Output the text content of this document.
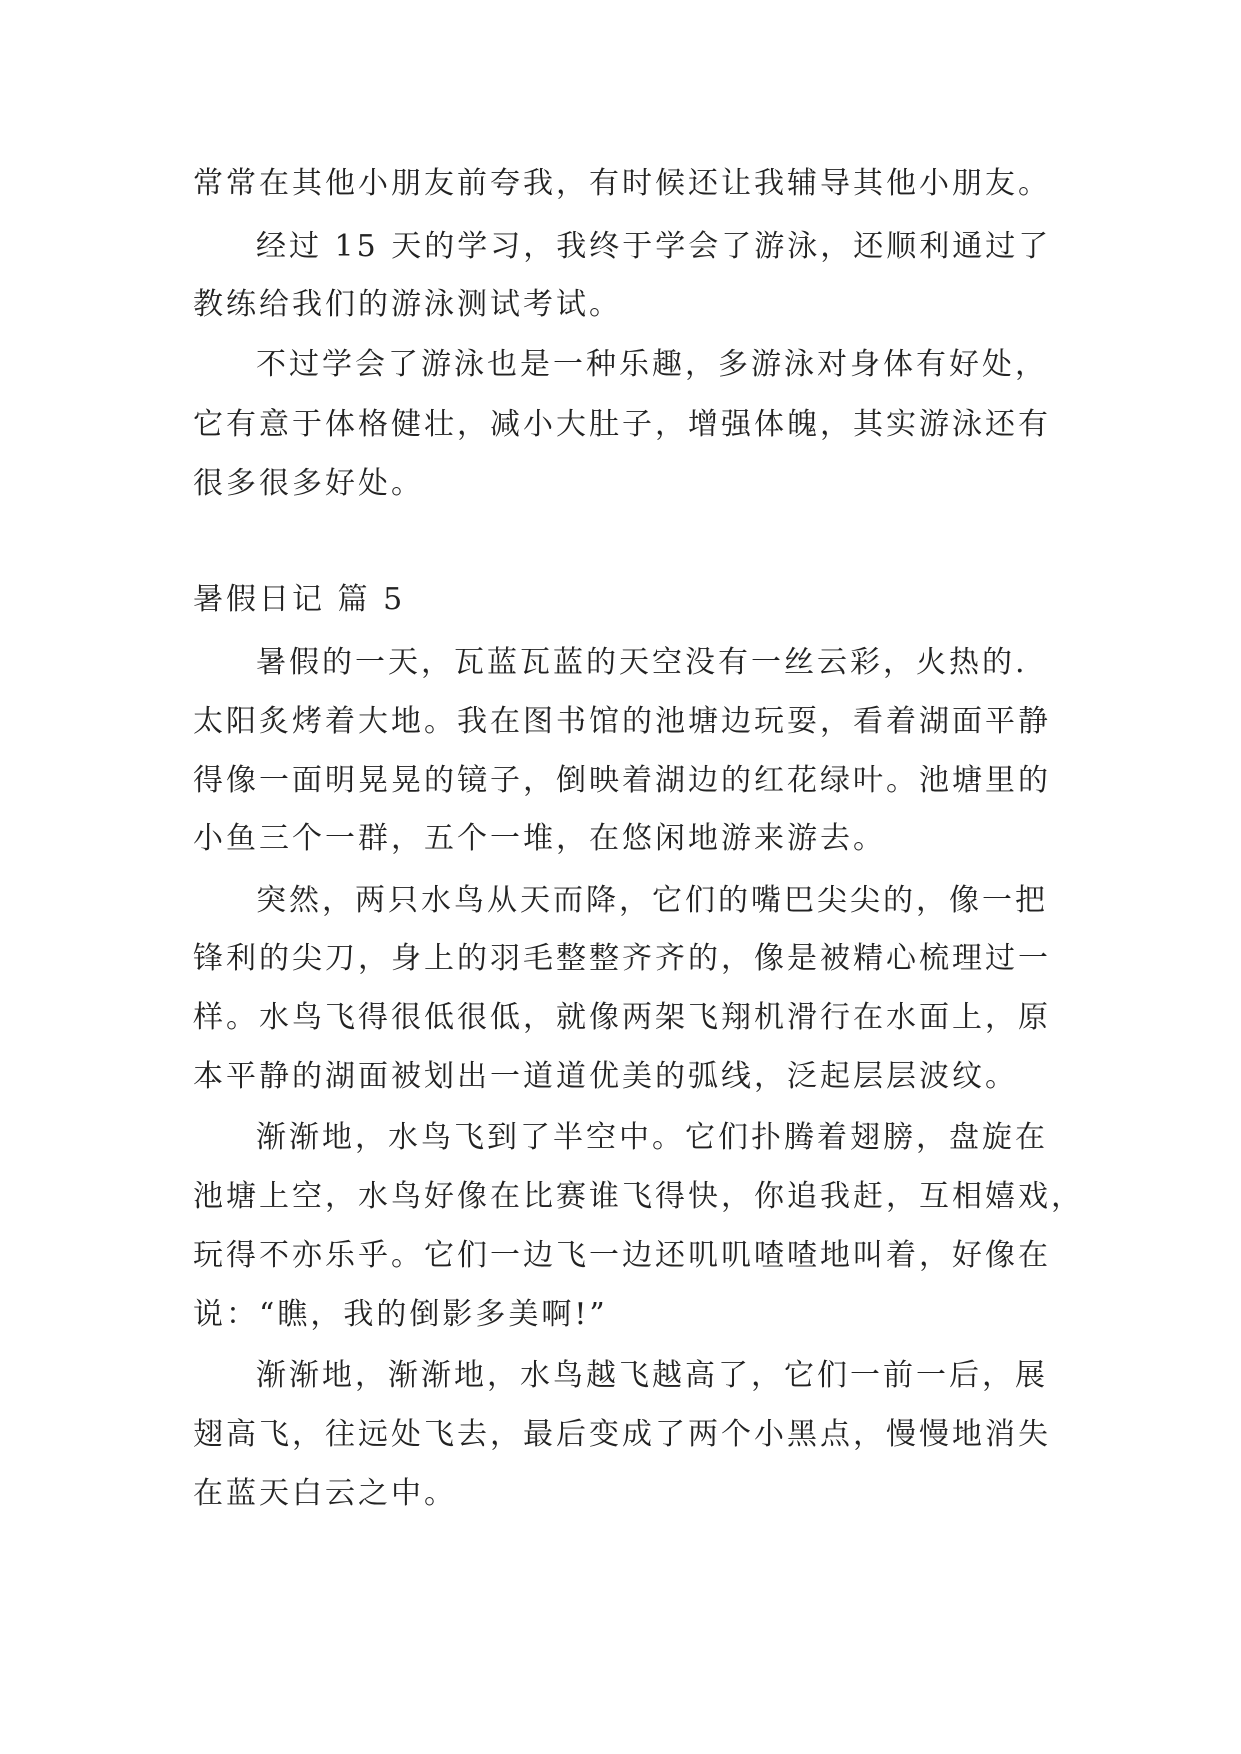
常常在其他小朋友前夸我，有时候还让我辅导其他小朋友。
经过 15 天的学习，我终于学会了游泳，还顺利通过了
教练给我们的游泳测试考试。
不过学会了游泳也是一种乐趣，多游泳对身体有好处，
它有意于体格健壮，减小大肚子，增强体魄，其实游泳还有
很多很多好处。
暑假日记 篇 5
暑假的一天，瓦蓝瓦蓝的天空没有一丝云彩，火热的.
太阳炙烤着大地。我在图书馆的池塘边玩耍，看着湖面平静
得像一面明晃晃的镜子，倒映着湖边的红花绿叶。池塘里的
小鱼三个一群，五个一堆，在悠闲地游来游去。
突然，两只水鸟从天而降，它们的嘴巴尖尖的，像一把
锋利的尖刀，身上的羽毛整整齐齐的，像是被精心梳理过一
样。水鸟飞得很低很低，就像两架飞翔机滑行在水面上，原
本平静的湖面被划出一道道优美的弧线，泛起层层波纹。
渐渐地，水鸟飞到了半空中。它们扑腾着翅膀，盘旋在
池塘上空，水鸟好像在比赛谁飞得快，你追我赶，互相嬉戏，
玩得不亦乐乎。它们一边飞一边还叽叽喳喳地叫着，好像在
说：“瞧，我的倒影多美啊!”
渐渐地，渐渐地，水鸟越飞越高了，它们一前一后，展
翅高飞，往远处飞去，最后变成了两个小黑点，慢慢地消失
在蓝天白云之中。
